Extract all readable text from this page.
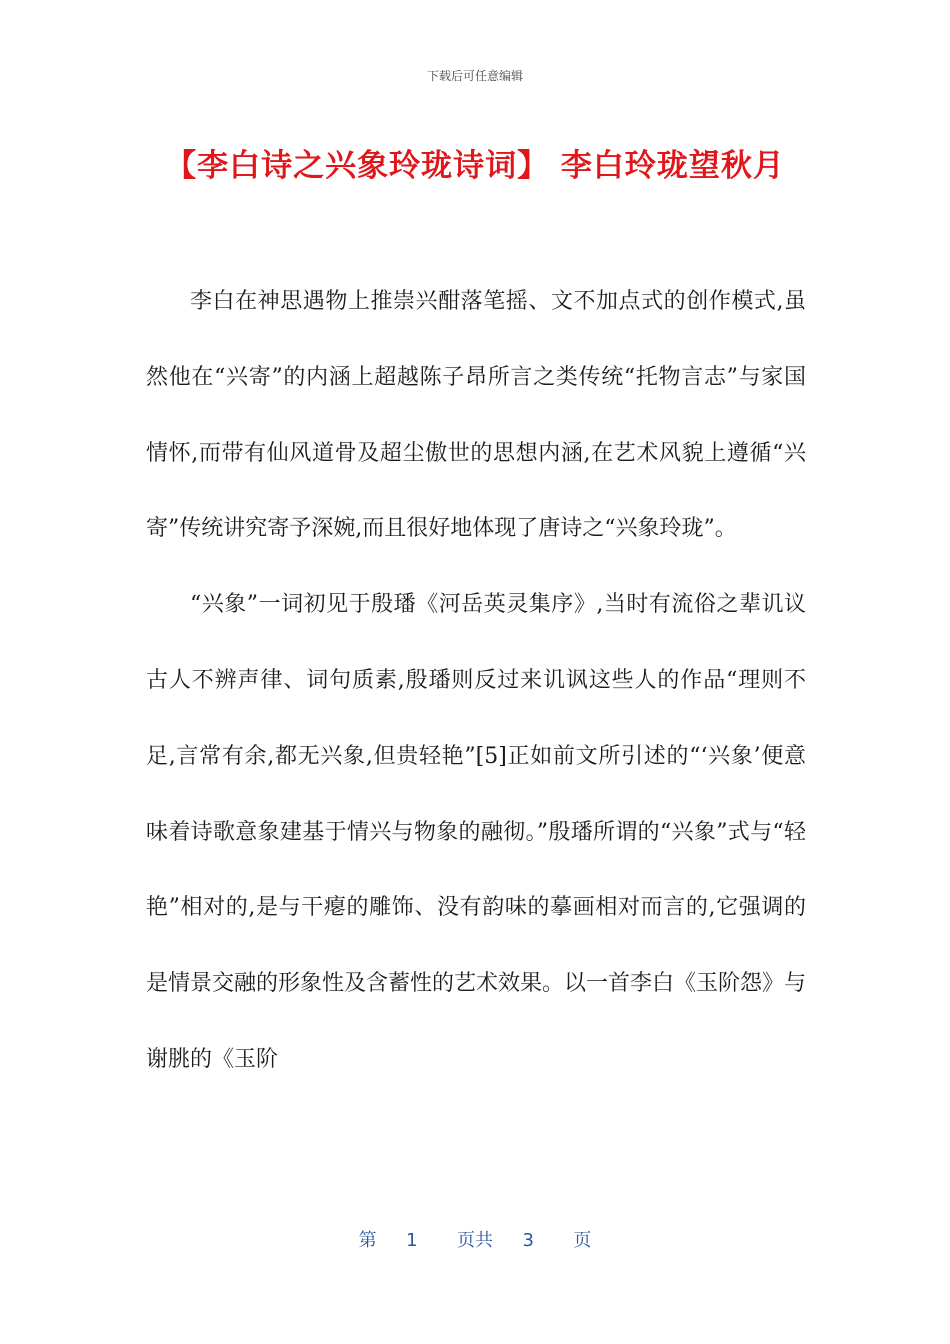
下载后可任意编辑
【李白诗之兴象玲珑诗词】 李白玲珑望秋月

李白在神思遇物上推崇兴酣落笔摇、文不加点式的创作模式,虽然他在“兴寄”的内涵上超越陈子昂所言之类传统“托物言志”与家国情怀,而带有仙风道骨及超尘傲世的思想内涵,在艺术风貌上遵循“兴寄”传统讲究寄予深婉,而且很好地体现了唐诗之“兴象玲珑”。

“兴象”一词初见于殷璠《河岳英灵集序》,当时有流俗之辈讥议古人不辨声律、词句质素,殷璠则反过来讥讽这些人的作品“理则不足,言常有余,都无兴象,但贵轻艳”[5]正如前文所引述的“‘兴象’便意味着诗歌意象建基于情兴与物象的融彻。”殷璠所谓的“兴象”式与“轻艳”相对的,是与干瘪的雕饰、没有韵味的摹画相对而言的,它强调的是情景交融的形象性及含蓄性的艺术效果。以一首李白《玉阶怨》与谢朓的《玉阶

第 1 页共 3 页
